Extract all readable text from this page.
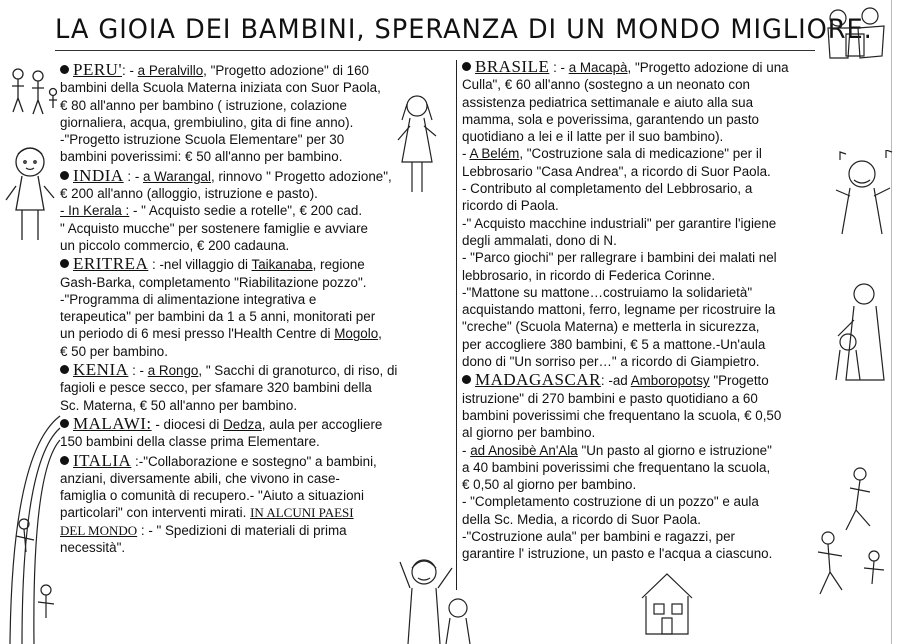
LA GIOIA DEI BAMBINI, SPERANZA DI UN MONDO MIGLIORE.

PERU': - a Peralvillo, "Progetto adozione" di 160

bambini della Scuola Materna iniziata con Suor Paola,

€ 80 all'anno per bambino ( istruzione, colazione

giornaliera, acqua, grembiulino, gita di fine anno).

-"Progetto istruzione Scuola Elementare" per 30

bambini poverissimi: € 50 all'anno per bambino.

INDIA : - a Warangal, rinnovo " Progetto adozione",

€ 200 all'anno (alloggio, istruzione e pasto).

- In Kerala : - " Acquisto sedie a rotelle", € 200 cad.

" Acquisto mucche" per sostenere famiglie e avviare

un piccolo commercio, € 200 cadauna.

ERITREA : -nel villaggio di Taikanaba, regione

Gash-Barka, completamento "Riabilitazione pozzo".

-"Programma di alimentazione integrativa e

terapeutica" per bambini da 1 a 5 anni, monitorati per

un periodo di 6 mesi presso l'Health Centre di Mogolo,

€ 50 per bambino.

KENIA : - a Rongo, " Sacchi di granoturco, di riso, di

fagioli e pesce secco, per sfamare 320 bambini della

Sc. Materna, € 50 all'anno per bambino.

MALAWI: - diocesi di Dedza, aula per accogliere

150 bambini della classe prima Elementare.

ITALIA :-"Collaborazione e sostegno" a bambini,

anziani, diversamente abili, che vivono in case-

famiglia o comunità di recupero.- "Aiuto a situazioni

particolari" con interventi mirati. IN ALCUNI PAESI

DEL MONDO : - " Spedizioni di materiali di prima

necessità".

BRASILE : - a Macapà, "Progetto adozione di una

Culla", € 60 all'anno (sostegno a un neonato con

assistenza pediatrica settimanale e aiuto alla sua

mamma, sola e poverissima, garantendo un pasto

quotidiano a lei e il latte per il suo bambino).

- A Belém, "Costruzione sala di medicazione" per il

Lebbrosario "Casa Andrea", a ricordo di Suor Paola.

- Contributo al completamento del Lebbrosario, a

ricordo di Paola.

-" Acquisto macchine industriali" per garantire l'igiene

degli ammalati, dono di N.

- "Parco giochi" per rallegrare i bambini dei malati nel

lebbrosario, in ricordo di Federica Corinne.

-"Mattone su mattone…costruiamo la solidarietà"

acquistando mattoni, ferro, legname per ricostruire la

"creche" (Scuola Materna) e metterla in sicurezza,

per accogliere 380 bambini, € 5 a mattone.-Un'aula

dono di "Un sorriso per…" a ricordo di Giampietro.

MADAGASCAR: -ad Amboropotsy "Progetto

istruzione" di 270 bambini e pasto quotidiano a 60

bambini poverissimi che frequentano la scuola, € 0,50

al giorno per bambino.

- ad Anosibè An'Ala "Un pasto al giorno e istruzione"

a 40 bambini poverissimi che frequentano la scuola,

€ 0,50 al giorno per bambino.

- "Completamento costruzione di un pozzo" e aula

della Sc. Media, a ricordo di Suor Paola.

-"Costruzione aula" per bambini e ragazzi, per

garantire l' istruzione, un pasto e l'acqua a ciascuno.
